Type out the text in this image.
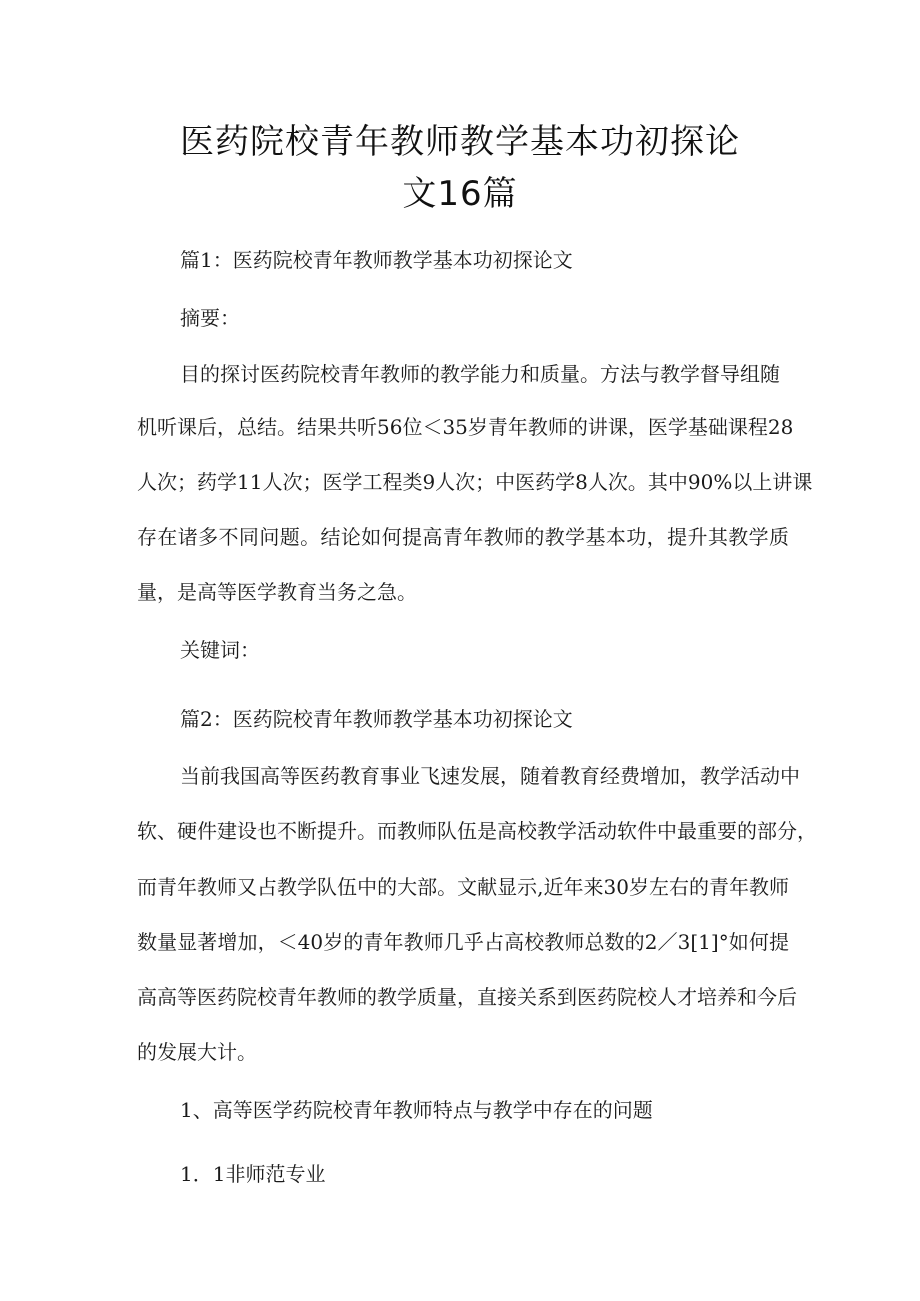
医药院校青年教师教学基本功初探论
文16篇
篇1：医药院校青年教师教学基本功初探论文
摘要：
目的探讨医药院校青年教师的教学能力和质量。方法与教学督导组随
机听课后，总结。结果共听56位＜35岁青年教师的讲课，医学基础课程28
人次；药学11人次；医学工程类9人次；中医药学8人次。其中90%以上讲课
存在诸多不同问题。结论如何提高青年教师的教学基本功，提升其教学质
量，是高等医学教育当务之急。
关键词：
篇2：医药院校青年教师教学基本功初探论文
当前我国高等医药教育事业飞速发展，随着教育经费增加，教学活动中
软、硬件建设也不断提升。而教师队伍是高校教学活动软件中最重要的部分，
而青年教师又占教学队伍中的大部。文献显示,近年来30岁左右的青年教师
数量显著增加，＜40岁的青年教师几乎占高校教师总数的2／3[1]°如何提
高高等医药院校青年教师的教学质量，直接关系到医药院校人才培养和今后
的发展大计。
1、高等医学药院校青年教师特点与教学中存在的问题
1．1非师范专业
